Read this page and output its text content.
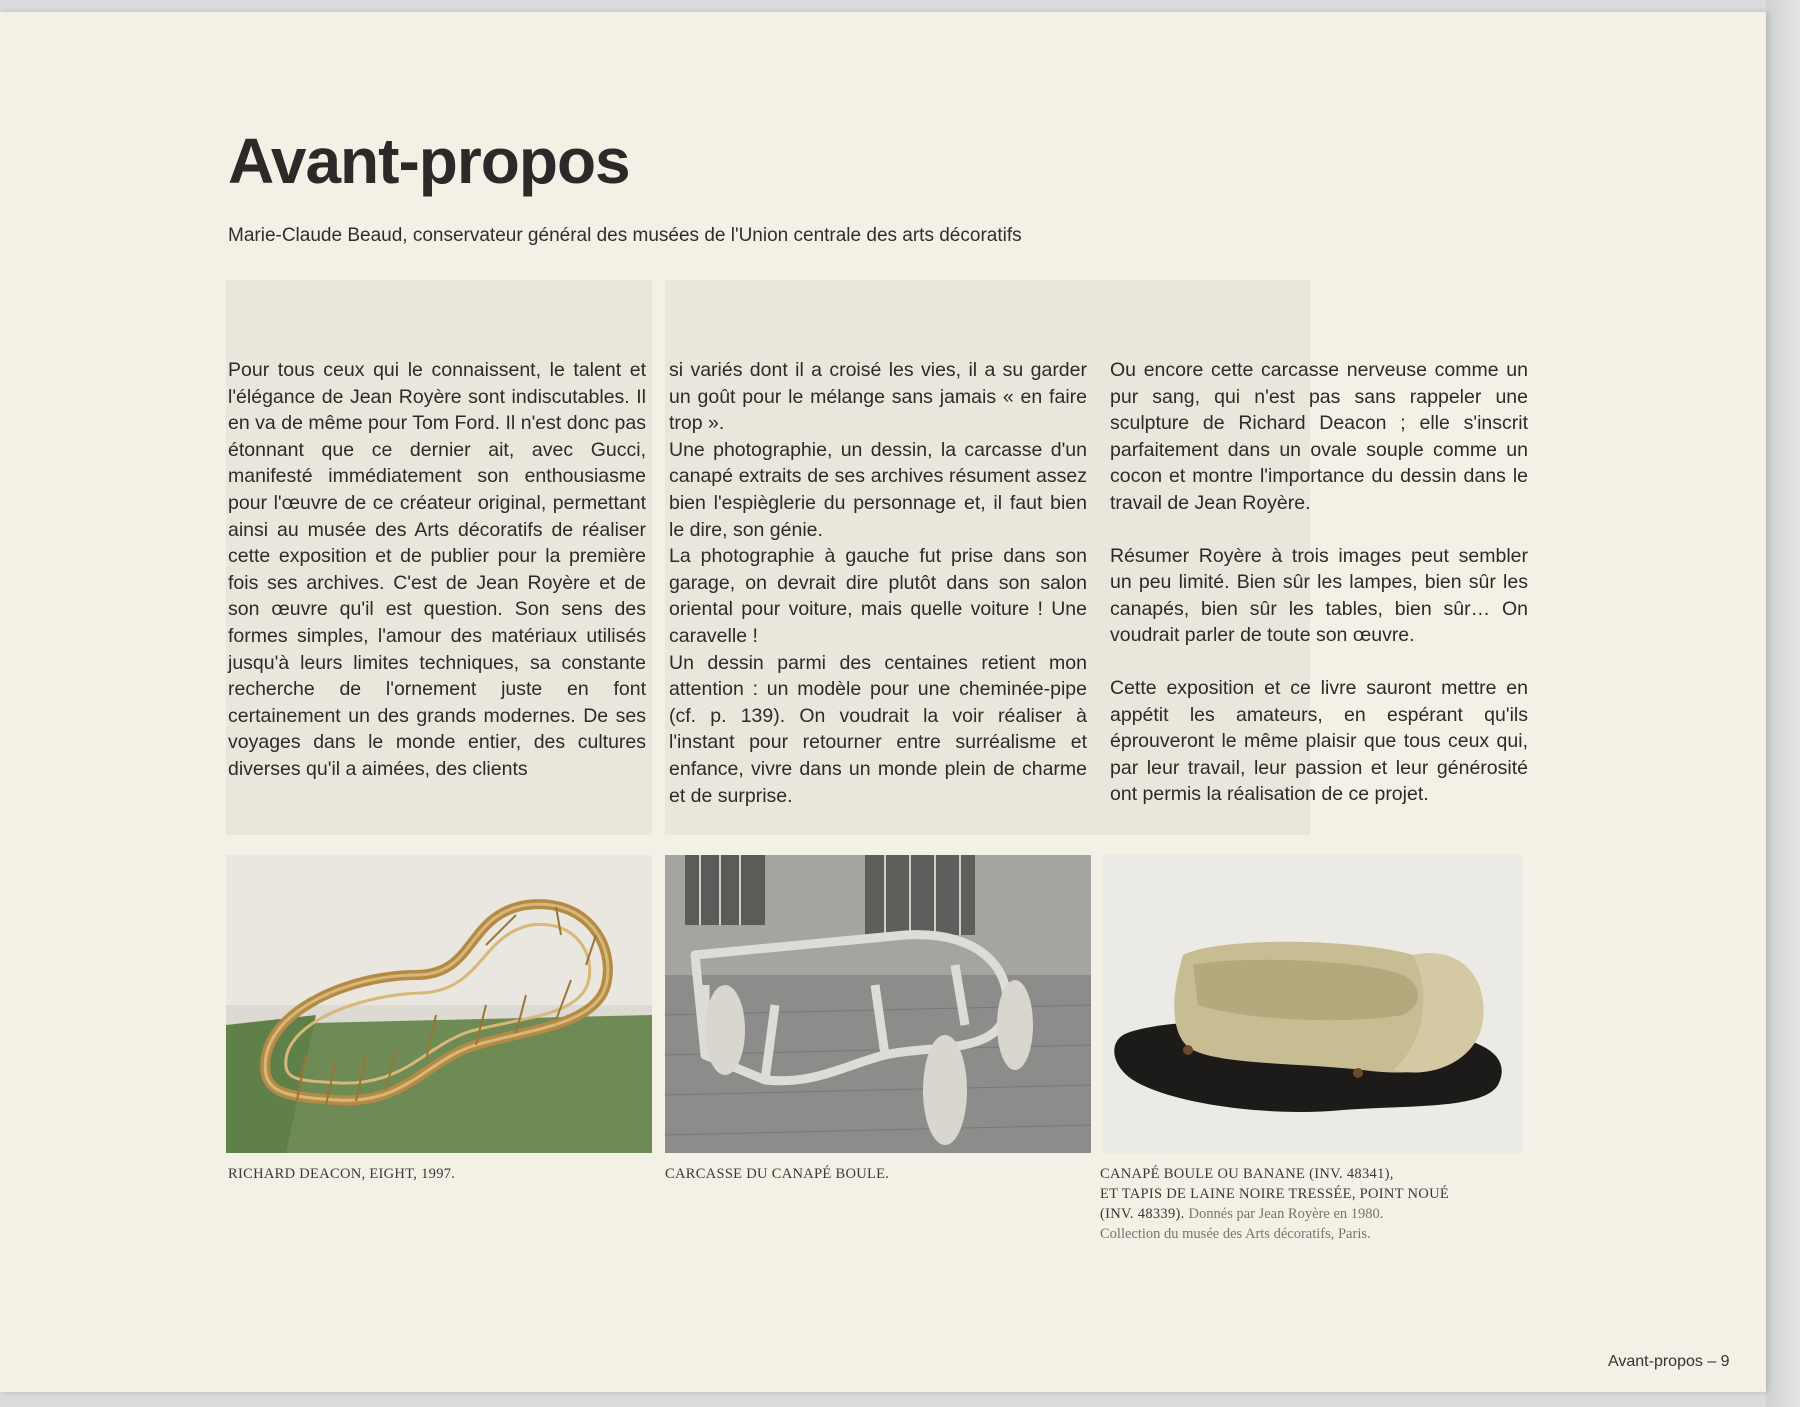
Avant-propos
Marie-Claude Beaud, conservateur général des musées de l'Union centrale des arts décoratifs

Pour tous ceux qui le connaissent, le talent et l'élégance de Jean Royère sont indiscutables. Il en va de même pour Tom Ford. Il n'est donc pas étonnant que ce dernier ait, avec Gucci, manifesté immédiatement son enthousiasme pour l'œuvre de ce créateur original, permettant ainsi au musée des Arts décoratifs de réaliser cette exposition et de publier pour la première fois ses archives. C'est de Jean Royère et de son œuvre qu'il est question. Son sens des formes simples, l'amour des matériaux utilisés jusqu'à leurs limites techniques, sa constante recherche de l'ornement juste en font certainement un des grands modernes. De ses voyages dans le monde entier, des cultures diverses qu'il a aimées, des clients

si variés dont il a croisé les vies, il a su garder un goût pour le mélange sans jamais « en faire trop ».

Une photographie, un dessin, la carcasse d'un canapé extraits de ses archives résument assez bien l'espièglerie du personnage et, il faut bien le dire, son génie.

La photographie à gauche fut prise dans son garage, on devrait dire plutôt dans son salon oriental pour voiture, mais quelle voiture ! Une caravelle !

Un dessin parmi des centaines retient mon attention : un modèle pour une cheminée-pipe (cf. p. 139). On voudrait la voir réaliser à l'instant pour retourner entre surréalisme et enfance, vivre dans un monde plein de charme et de surprise.

Ou encore cette carcasse nerveuse comme un pur sang, qui n'est pas sans rappeler une sculpture de Richard Deacon ; elle s'inscrit parfaitement dans un ovale souple comme un cocon et montre l'importance du dessin dans le travail de Jean Royère.

Résumer Royère à trois images peut sembler un peu limité. Bien sûr les lampes, bien sûr les canapés, bien sûr les tables, bien sûr… On voudrait parler de toute son œuvre.

Cette exposition et ce livre sauront mettre en appétit les amateurs, en espérant qu'ils éprouveront le même plaisir que tous ceux qui, par leur travail, leur passion et leur générosité ont permis la réalisation de ce projet.

RICHARD DEACON, EIGHT, 1997.	CARCASSE DU CANAPÉ BOULE.	CANAPÉ BOULE OU BANANE (INV. 48341),
ET TAPIS DE LAINE NOIRE TRESSÉE, POINT NOUÉ
(INV. 48339). Donnés par Jean Royère en 1980.
Collection du musée des Arts décoratifs, Paris.
Avant-propos – 9
